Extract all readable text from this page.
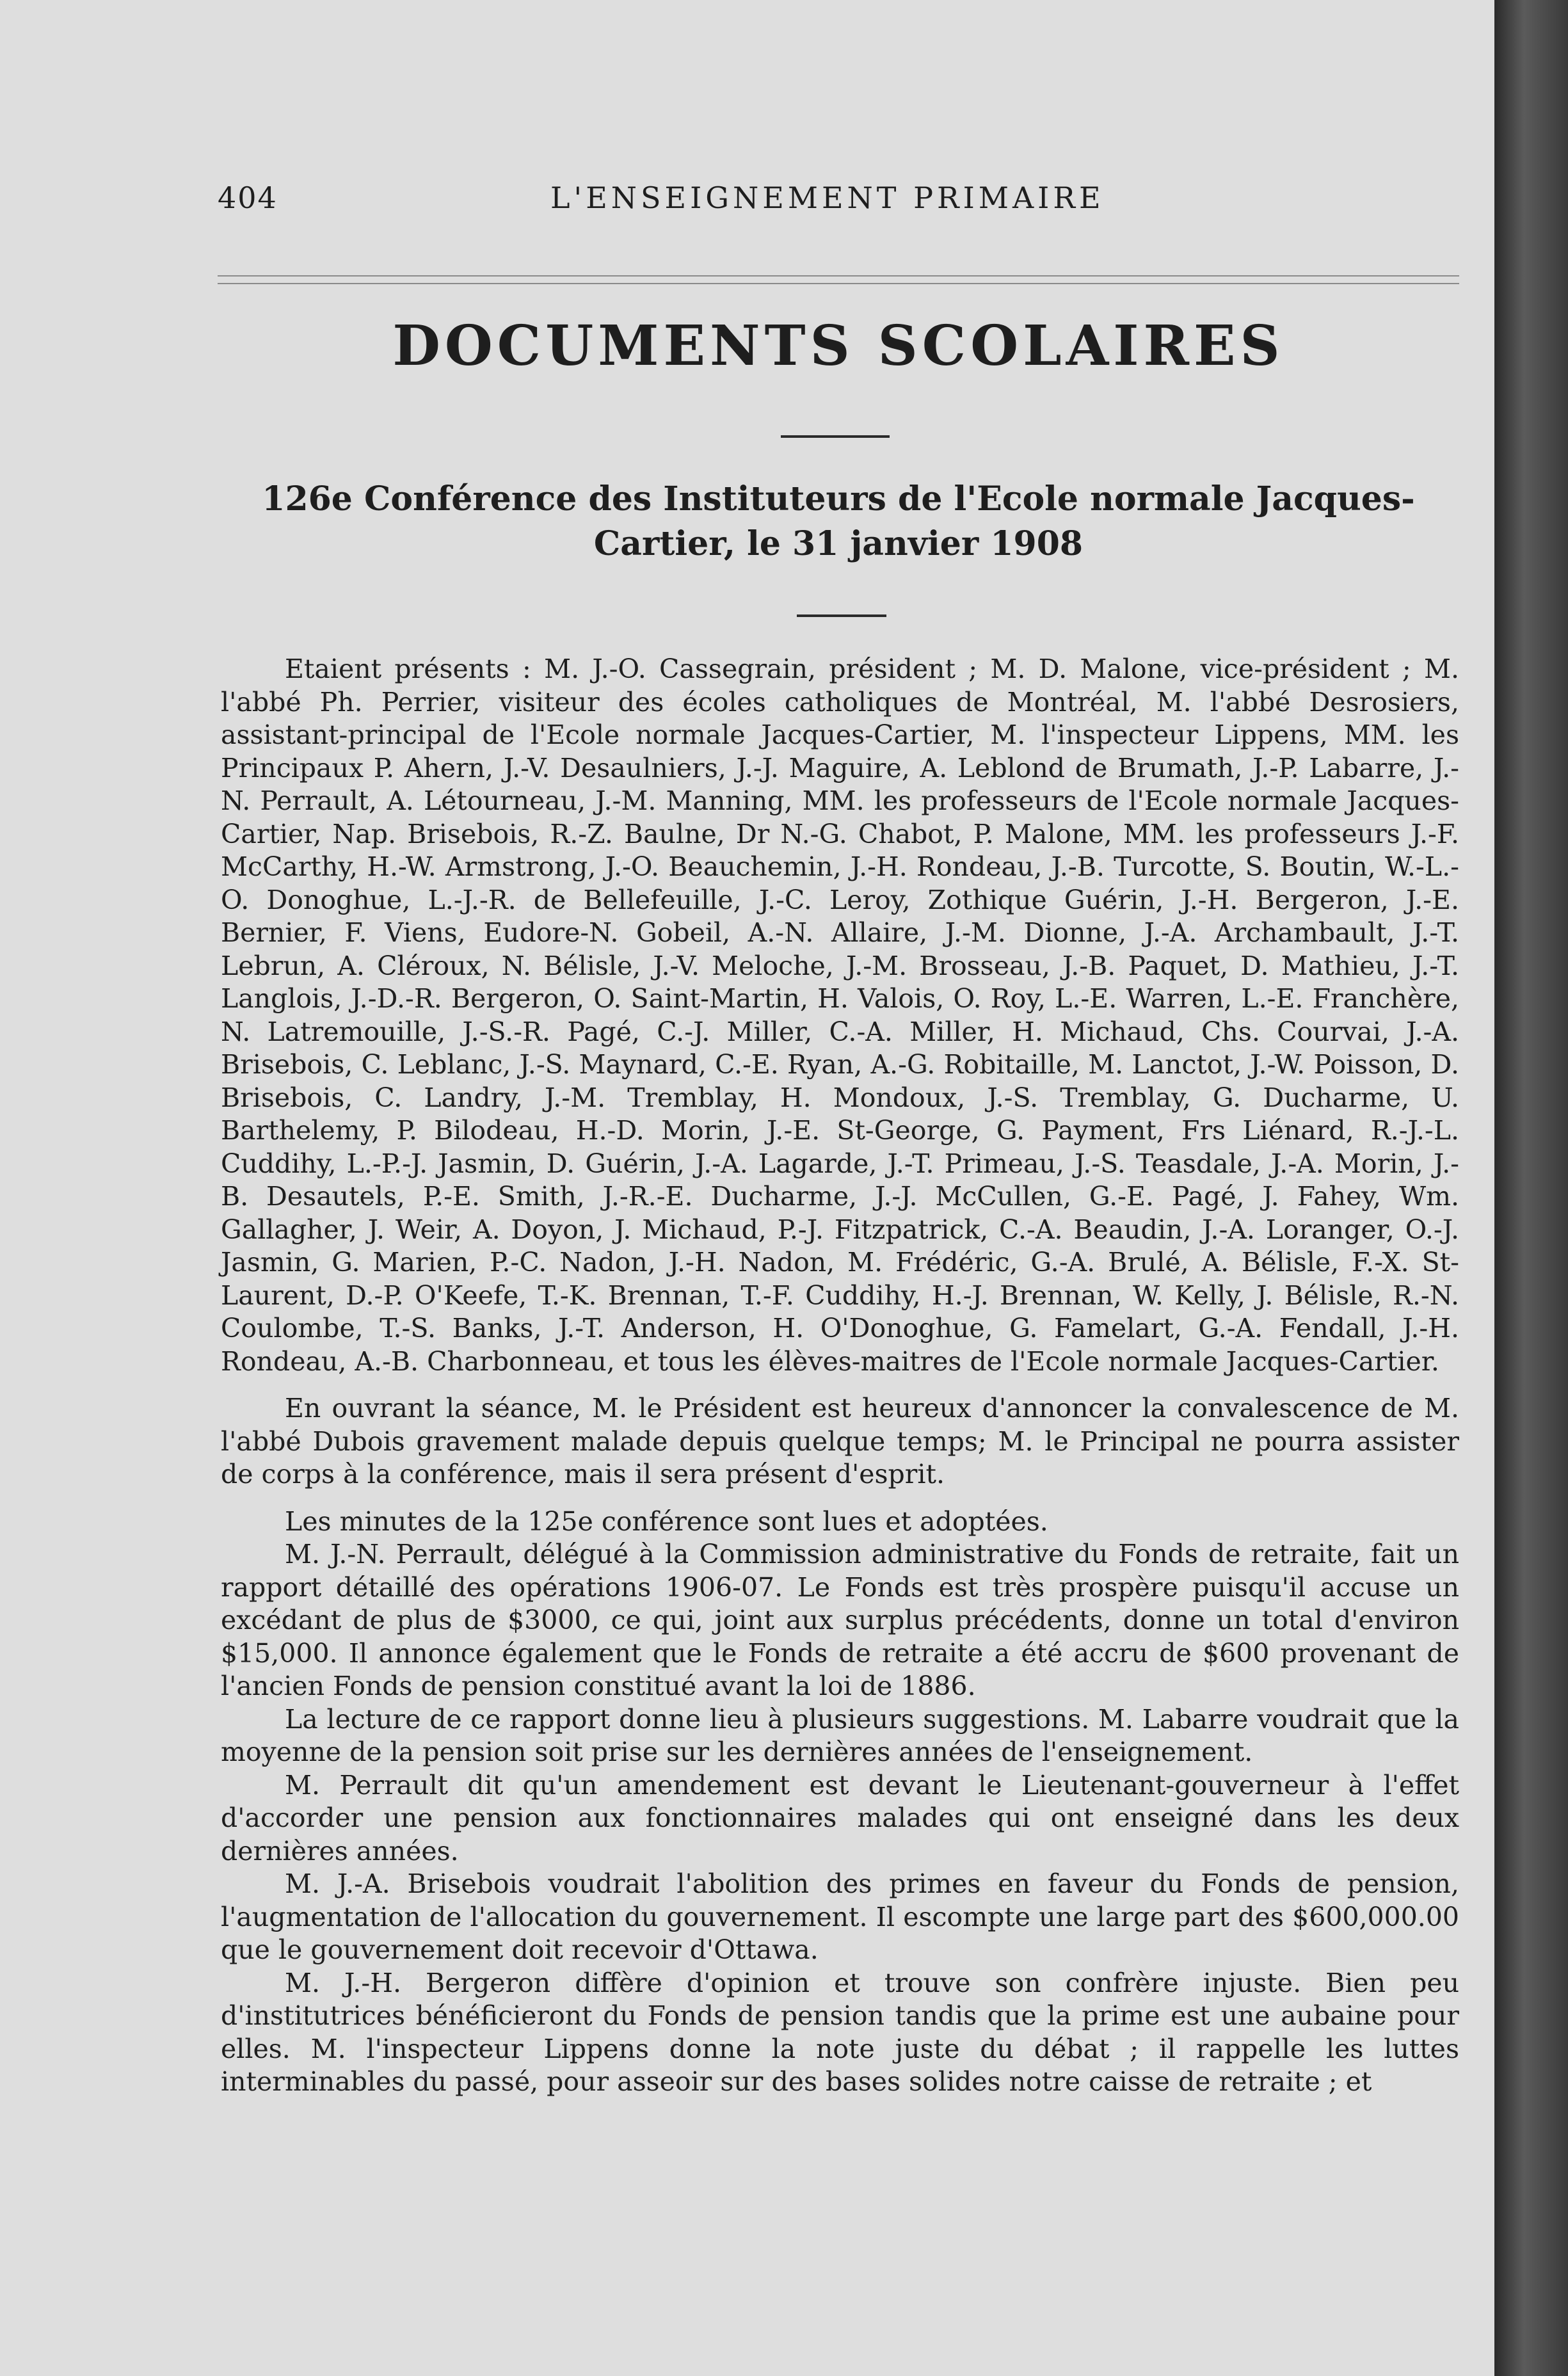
404	L'ENSEIGNEMENT PRIMAIRE
DOCUMENTS SCOLAIRES
126e Conférence des Instituteurs de l'Ecole normale Jacques-
Cartier, le 31 janvier 1908

Etaient présents : M. J.-O. Cassegrain, président ; M. D. Malone, vice-président ; M. l'abbé Ph. Perrier, visiteur des écoles catholiques de Montréal, M. l'abbé Desrosiers, assistant-principal de l'Ecole normale Jacques-Cartier, M. l'inspecteur Lippens, MM. les Principaux P. Ahern, J.-V. Desaulniers, J.-J. Maguire, A. Leblond de Brumath, J.-P. Labarre, J.-N. Perrault, A. Létourneau, J.-M. Manning, MM. les professeurs de l'Ecole normale Jacques-Cartier, Nap. Brisebois, R.-Z. Baulne, Dr N.-G. Chabot, P. Malone, MM. les professeurs J.-F. McCarthy, H.-W. Armstrong, J.-O. Beauchemin, J.-H. Rondeau, J.-B. Turcotte, S. Boutin, W.-L.-O. Donoghue, L.-J.-R. de Bellefeuille, J.-C. Leroy, Zothique Guérin, J.-H. Bergeron, J.-E. Bernier, F. Viens, Eudore-N. Gobeil, A.-N. Allaire, J.-M. Dionne, J.-A. Archambault, J.-T. Lebrun, A. Cléroux, N. Bélisle, J.-V. Meloche, J.-M. Brosseau, J.-B. Paquet, D. Mathieu, J.-T. Langlois, J.-D.-R. Bergeron, O. Saint-Martin, H. Valois, O. Roy, L.-E. Warren, L.-E. Franchère, N. Latremouille, J.-S.-R. Pagé, C.-J. Miller, C.-A. Miller, H. Michaud, Chs. Courvai, J.-A. Brisebois, C. Leblanc, J.-S. Maynard, C.-E. Ryan, A.-G. Robitaille, M. Lanctot, J.-W. Poisson, D. Brisebois, C. Landry, J.-M. Tremblay, H. Mondoux, J.-S. Tremblay, G. Ducharme, U. Barthelemy, P. Bilodeau, H.-D. Morin, J.-E. St-George, G. Payment, Frs Liénard, R.-J.-L. Cuddihy, L.-P.-J. Jasmin, D. Guérin, J.-A. Lagarde, J.-T. Primeau, J.-S. Teasdale, J.-A. Morin, J.-B. Desautels, P.-E. Smith, J.-R.-E. Ducharme, J.-J. McCullen, G.-E. Pagé, J. Fahey, Wm. Gallagher, J. Weir, A. Doyon, J. Michaud, P.-J. Fitzpatrick, C.-A. Beaudin, J.-A. Loranger, O.-J. Jasmin, G. Marien, P.-C. Nadon, J.-H. Nadon, M. Frédéric, G.-A. Brulé, A. Bélisle, F.-X. St-Laurent, D.-P. O'Keefe, T.-K. Brennan, T.-F. Cuddihy, H.-J. Brennan, W. Kelly, J. Bélisle, R.-N. Coulombe, T.-S. Banks, J.-T. Anderson, H. O'Donoghue, G. Famelart, G.-A. Fendall, J.-H. Rondeau, A.-B. Charbonneau, et tous les élèves-maitres de l'Ecole normale Jacques-Cartier.

En ouvrant la séance, M. le Président est heureux d'annoncer la convalescence de M. l'abbé Dubois gravement malade depuis quelque temps; M. le Principal ne pourra assister de corps à la conférence, mais il sera présent d'esprit.

Les minutes de la 125e conférence sont lues et adoptées.

M. J.-N. Perrault, délégué à la Commission administrative du Fonds de retraite, fait un rapport détaillé des opérations 1906-07. Le Fonds est très prospère puisqu'il accuse un excédant de plus de $3000, ce qui, joint aux surplus précédents, donne un total d'environ $15,000. Il annonce également que le Fonds de retraite a été accru de $600 provenant de l'ancien Fonds de pension constitué avant la loi de 1886.

La lecture de ce rapport donne lieu à plusieurs suggestions. M. Labarre voudrait que la moyenne de la pension soit prise sur les dernières années de l'enseignement.

M. Perrault dit qu'un amendement est devant le Lieutenant-gouverneur à l'effet d'accorder une pension aux fonctionnaires malades qui ont enseigné dans les deux dernières années.

M. J.-A. Brisebois voudrait l'abolition des primes en faveur du Fonds de pension, l'augmentation de l'allocation du gouvernement. Il escompte une large part des $600,000.00 que le gouvernement doit recevoir d'Ottawa.

M. J.-H. Bergeron diffère d'opinion et trouve son confrère injuste. Bien peu d'institutrices bénéficieront du Fonds de pension tandis que la prime est une aubaine pour elles. M. l'inspecteur Lippens donne la note juste du débat ; il rappelle les luttes interminables du passé, pour asseoir sur des bases solides notre caisse de retraite ; et
